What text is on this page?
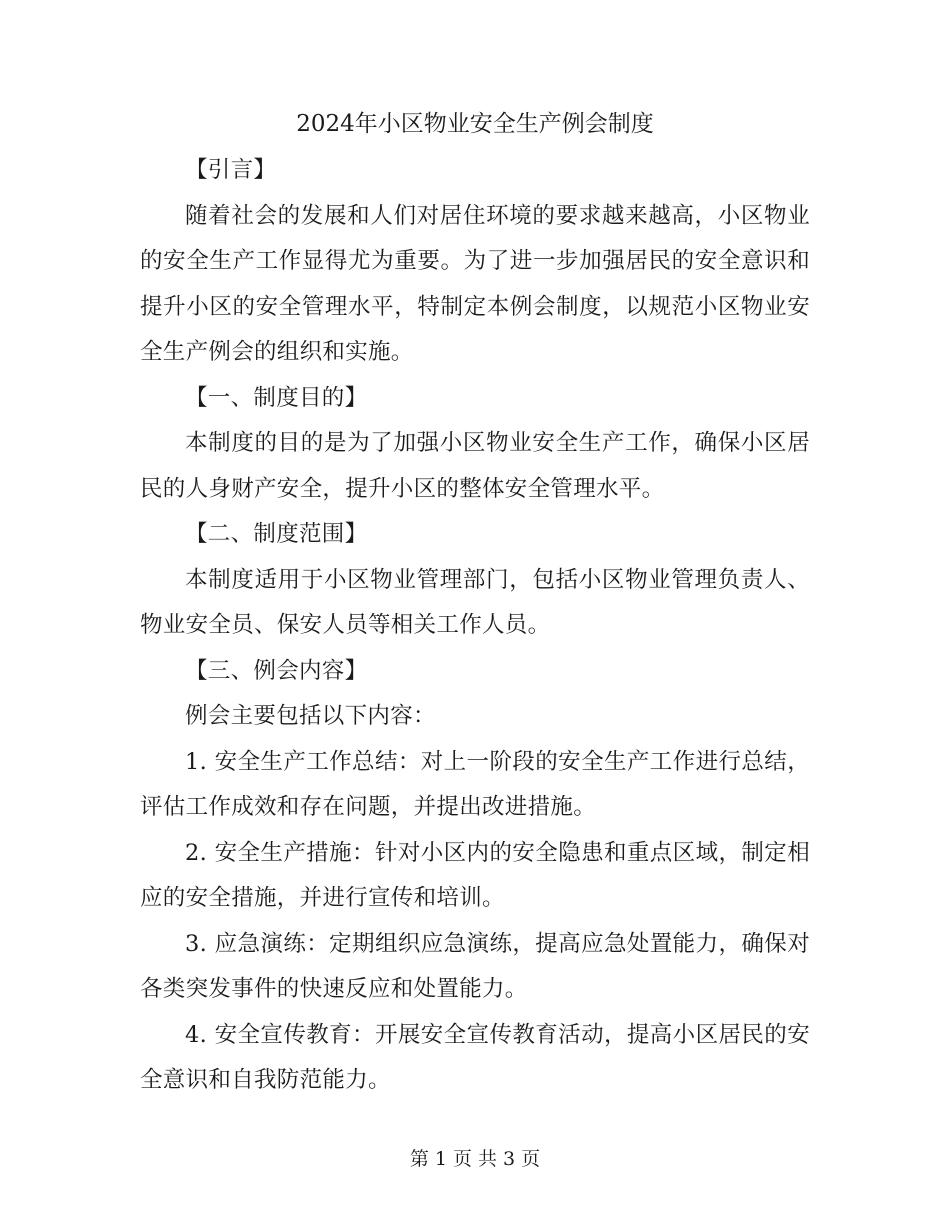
2024年小区物业安全生产例会制度

【引言】

随着社会的发展和人们对居住环境的要求越来越高，小区物业的安全生产工作显得尤为重要。为了进一步加强居民的安全意识和提升小区的安全管理水平，特制定本例会制度，以规范小区物业安全生产例会的组织和实施。

【一、制度目的】

本制度的目的是为了加强小区物业安全生产工作，确保小区居民的人身财产安全，提升小区的整体安全管理水平。

【二、制度范围】

本制度适用于小区物业管理部门，包括小区物业管理负责人、物业安全员、保安人员等相关工作人员。

【三、例会内容】

例会主要包括以下内容：

1. 安全生产工作总结：对上一阶段的安全生产工作进行总结，评估工作成效和存在问题，并提出改进措施。

2. 安全生产措施：针对小区内的安全隐患和重点区域，制定相应的安全措施，并进行宣传和培训。

3. 应急演练：定期组织应急演练，提高应急处置能力，确保对各类突发事件的快速反应和处置能力。

4. 安全宣传教育：开展安全宣传教育活动，提高小区居民的安全意识和自我防范能力。

第 1 页 共 3 页
